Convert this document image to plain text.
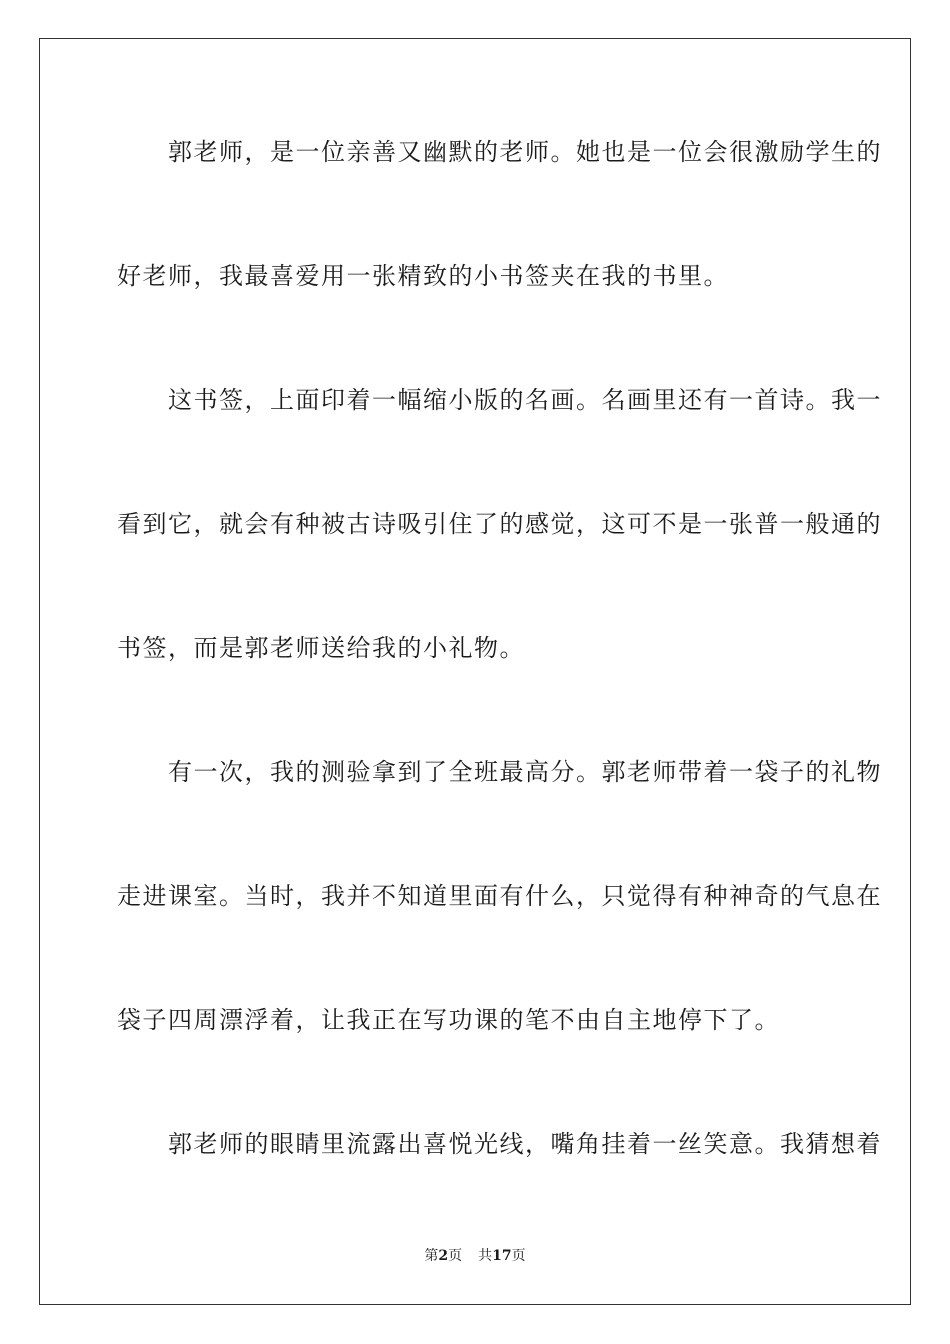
　　郭老师，是一位亲善又幽默的老师。她也是一位会很激励学生的

好老师，我最喜爱用一张精致的小书签夹在我的书里。

　　这书签，上面印着一幅缩小版的名画。名画里还有一首诗。我一

看到它，就会有种被古诗吸引住了的感觉，这可不是一张普一般通的

书签，而是郭老师送给我的小礼物。

　　有一次，我的测验拿到了全班最高分。郭老师带着一袋子的礼物

走进课室。当时，我并不知道里面有什么，只觉得有种神奇的气息在

袋子四周漂浮着，让我正在写功课的笔不由自主地停下了。

　　郭老师的眼睛里流露出喜悦光线，嘴角挂着一丝笑意。我猜想着

第2页 共17页
